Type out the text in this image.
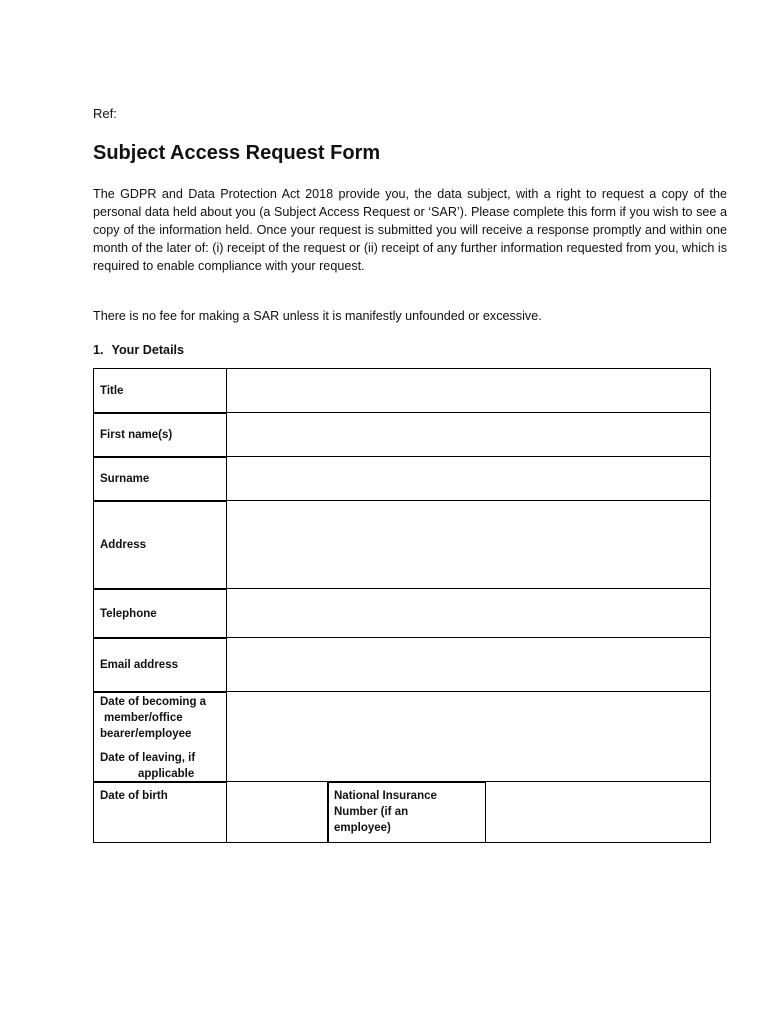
Ref:
Subject Access Request Form

The GDPR and Data Protection Act 2018 provide you, the data subject, with a right to request a copy of the personal data held about you (a Subject Access Request or ‘SAR’). Please complete this form if you wish to see a copy of the information held. Once your request is submitted you will receive a response promptly and within one month of the later of: (i) receipt of the request or (ii) receipt of any further information requested from you, which is required to enable compliance with your request.

There is no fee for making a SAR unless it is manifestly unfounded or excessive.

1. Your Details

Title
First name(s)
Surname
Address
Telephone
Email address
Date of becoming a
member/office
bearer/employee
Date of leaving, if
applicable
Date of birth	National Insurance
Number (if an
employee)
